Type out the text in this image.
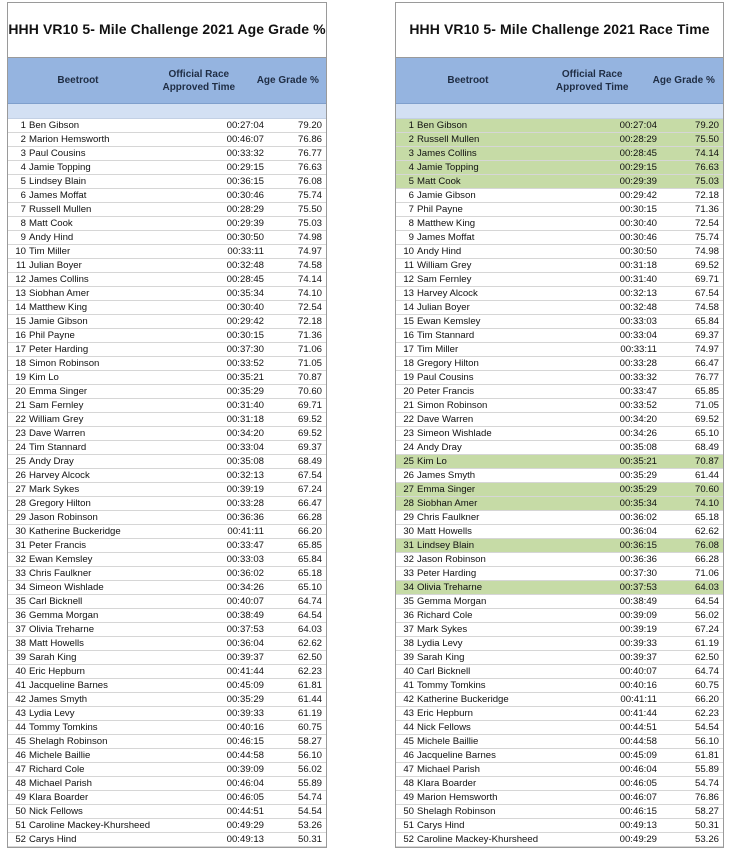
HHH VR10 5- Mile Challenge 2021 Age Grade %
Beetroot
Official Race Approved Time
Age Grade %
1 Ben Gibson	00:27:04	79.20
2 Marion Hemsworth	00:46:07	76.86
3 Paul Cousins	00:33:32	76.77
4 Jamie Topping	00:29:15	76.63
5 Lindsey Blain	00:36:15	76.08
6 James Moffat	00:30:46	75.74
7 Russell Mullen	00:28:29	75.50
8 Matt Cook	00:29:39	75.03
9 Andy Hind	00:30:50	74.98
10 Tim Miller	00:33:11	74.97
11 Julian Boyer	00:32:48	74.58
12 James Collins	00:28:45	74.14
13 Siobhan Amer	00:35:34	74.10
14 Matthew King	00:30:40	72.54
15 Jamie Gibson	00:29:42	72.18
16 Phil Payne	00:30:15	71.36
17 Peter Harding	00:37:30	71.06
18 Simon Robinson	00:33:52	71.05
19 Kim Lo	00:35:21	70.87
20 Emma Singer	00:35:29	70.60
21 Sam Fernley	00:31:40	69.71
22 William Grey	00:31:18	69.52
23 Dave Warren	00:34:20	69.52
24 Tim Stannard	00:33:04	69.37
25 Andy Dray	00:35:08	68.49
26 Harvey Alcock	00:32:13	67.54
27 Mark Sykes	00:39:19	67.24
28 Gregory Hilton	00:33:28	66.47
29 Jason Robinson	00:36:36	66.28
30 Katherine Buckeridge	00:41:11	66.20
31 Peter Francis	00:33:47	65.85
32 Ewan Kemsley	00:33:03	65.84
33 Chris Faulkner	00:36:02	65.18
34 Simeon Wishlade	00:34:26	65.10
35 Carl Bicknell	00:40:07	64.74
36 Gemma Morgan	00:38:49	64.54
37 Olivia Treharne	00:37:53	64.03
38 Matt Howells	00:36:04	62.62
39 Sarah King	00:39:37	62.50
40 Eric Hepburn	00:41:44	62.23
41 Jacqueline Barnes	00:45:09	61.81
42 James Smyth	00:35:29	61.44
43 Lydia Levy	00:39:33	61.19
44 Tommy Tomkins	00:40:16	60.75
45 Shelagh Robinson	00:46:15	58.27
46 Michele Baillie	00:44:58	56.10
47 Richard Cole	00:39:09	56.02
48 Michael Parish	00:46:04	55.89
49 Klara Boarder	00:46:05	54.74
50 Nick Fellows	00:44:51	54.54
51 Caroline Mackey-Khursheed	00:49:29	53.26
52 Carys Hind	00:49:13	50.31
HHH VR10 5- Mile Challenge 2021 Race Time
Beetroot
Official Race Approved Time
Age Grade %
1 Ben Gibson	00:27:04	79.20
2 Russell Mullen	00:28:29	75.50
3 James Collins	00:28:45	74.14
4 Jamie Topping	00:29:15	76.63
5 Matt Cook	00:29:39	75.03
6 Jamie Gibson	00:29:42	72.18
7 Phil Payne	00:30:15	71.36
8 Matthew King	00:30:40	72.54
9 James Moffat	00:30:46	75.74
10 Andy Hind	00:30:50	74.98
11 William Grey	00:31:18	69.52
12 Sam Fernley	00:31:40	69.71
13 Harvey Alcock	00:32:13	67.54
14 Julian Boyer	00:32:48	74.58
15 Ewan Kemsley	00:33:03	65.84
16 Tim Stannard	00:33:04	69.37
17 Tim Miller	00:33:11	74.97
18 Gregory Hilton	00:33:28	66.47
19 Paul Cousins	00:33:32	76.77
20 Peter Francis	00:33:47	65.85
21 Simon Robinson	00:33:52	71.05
22 Dave Warren	00:34:20	69.52
23 Simeon Wishlade	00:34:26	65.10
24 Andy Dray	00:35:08	68.49
25 Kim Lo	00:35:21	70.87
26 James Smyth	00:35:29	61.44
27 Emma Singer	00:35:29	70.60
28 Siobhan Amer	00:35:34	74.10
29 Chris Faulkner	00:36:02	65.18
30 Matt Howells	00:36:04	62.62
31 Lindsey Blain	00:36:15	76.08
32 Jason Robinson	00:36:36	66.28
33 Peter Harding	00:37:30	71.06
34 Olivia Treharne	00:37:53	64.03
35 Gemma Morgan	00:38:49	64.54
36 Richard Cole	00:39:09	56.02
37 Mark Sykes	00:39:19	67.24
38 Lydia Levy	00:39:33	61.19
39 Sarah King	00:39:37	62.50
40 Carl Bicknell	00:40:07	64.74
41 Tommy Tomkins	00:40:16	60.75
42 Katherine Buckeridge	00:41:11	66.20
43 Eric Hepburn	00:41:44	62.23
44 Nick Fellows	00:44:51	54.54
45 Michele Baillie	00:44:58	56.10
46 Jacqueline Barnes	00:45:09	61.81
47 Michael Parish	00:46:04	55.89
48 Klara Boarder	00:46:05	54.74
49 Marion Hemsworth	00:46:07	76.86
50 Shelagh Robinson	00:46:15	58.27
51 Carys Hind	00:49:13	50.31
52 Caroline Mackey-Khursheed	00:49:29	53.26
